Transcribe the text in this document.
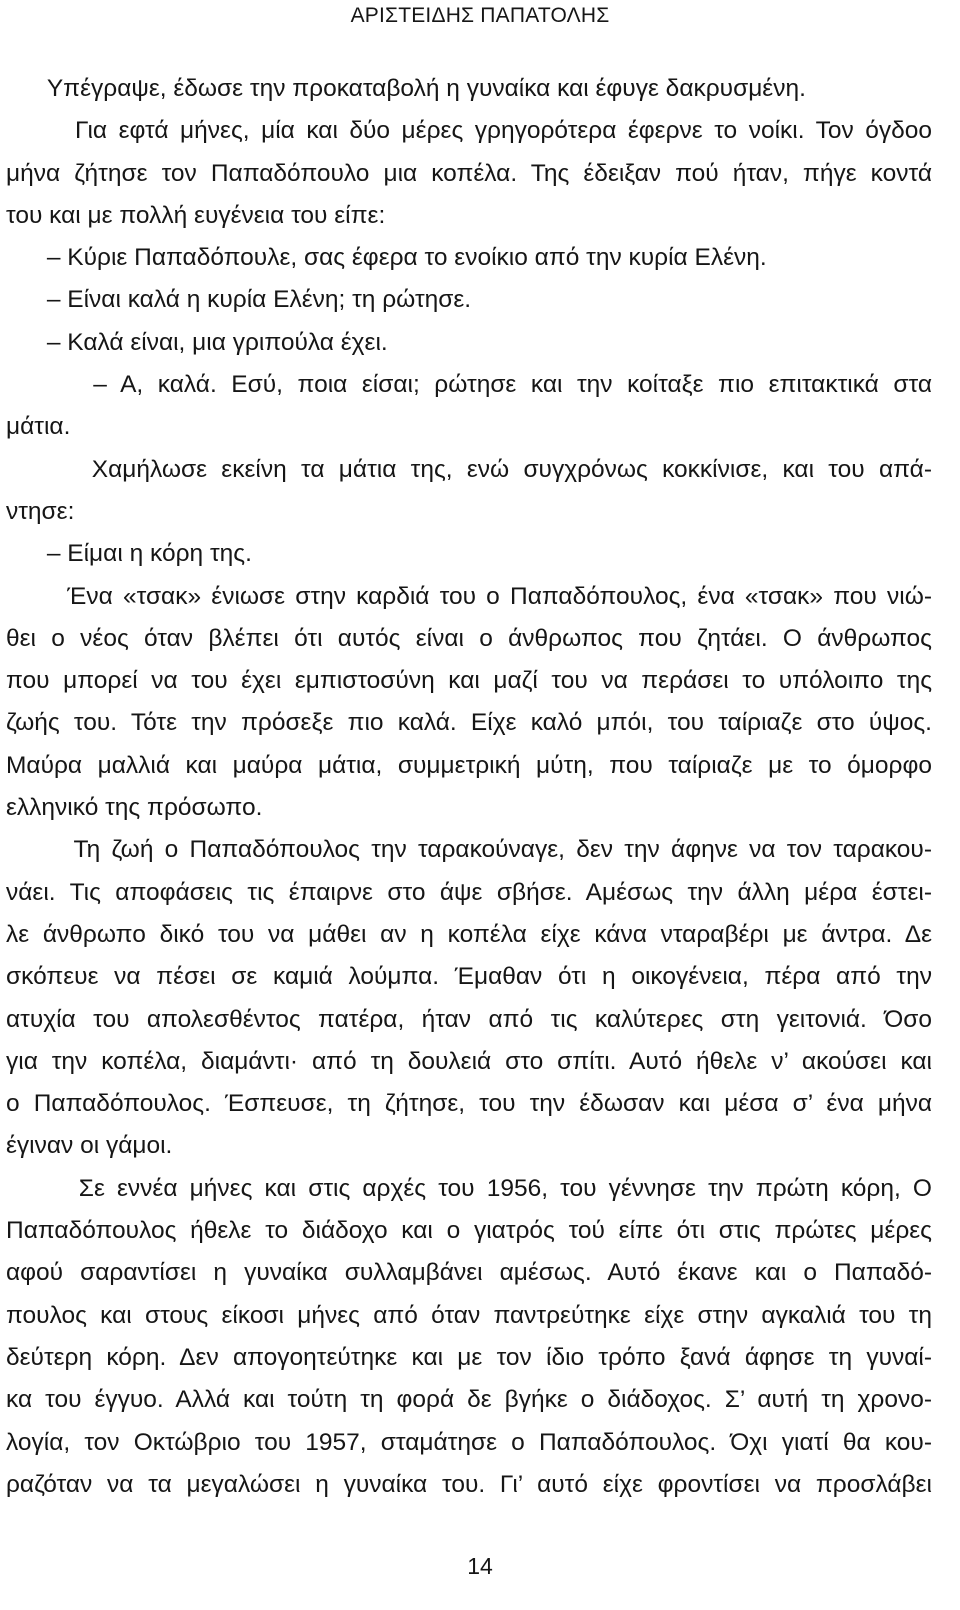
ΑΡΙΣΤΕΙΔΗΣ ΠΑΠΑΤΟΛΗΣ
Υπέγραψε, έδωσε την προκαταβολή η γυναίκα και έφυγε δακρυσμένη.
Για εφτά μήνες, μία και δύο μέρες γρηγορότερα έφερνε το νοίκι. Τον όγδοο
μήνα ζήτησε τον Παπαδόπουλο μια κοπέλα. Της έδειξαν πού ήταν, πήγε κοντά
του και με πολλή ευγένεια του είπε:
– Κύριε Παπαδόπουλε, σας έφερα το ενοίκιο από την κυρία Ελένη.
– Είναι καλά η κυρία Ελένη; τη ρώτησε.
– Καλά είναι, μια γριπούλα έχει.
– Α, καλά. Εσύ, ποια είσαι; ρώτησε και την κοίταξε πιο επιτακτικά στα
μάτια.
Χαμήλωσε εκείνη τα μάτια της, ενώ συγχρόνως κοκκίνισε, και του απά-
ντησε:
– Είμαι η κόρη της.
Ένα «τσακ» ένιωσε στην καρδιά του ο Παπαδόπουλος, ένα «τσακ» που νιώ-
θει ο νέος όταν βλέπει ότι αυτός είναι ο άνθρωπος που ζητάει. Ο άνθρωπος
που μπορεί να του έχει εμπιστοσύνη και μαζί του να περάσει το υπόλοιπο της
ζωής του. Τότε την πρόσεξε πιο καλά. Είχε καλό μπόι, του ταίριαζε στο ύψος.
Μαύρα μαλλιά και μαύρα μάτια, συμμετρική μύτη, που ταίριαζε με το όμορφο
ελληνικό της πρόσωπο.
Τη ζωή ο Παπαδόπουλος την ταρακούναγε, δεν την άφηνε να τον ταρακου-
νάει. Τις αποφάσεις τις έπαιρνε στο άψε σβήσε. Αμέσως την άλλη μέρα έστει-
λε άνθρωπο δικό του να μάθει αν η κοπέλα είχε κάνα νταραβέρι με άντρα. Δε
σκόπευε να πέσει σε καμιά λούμπα. Έμαθαν ότι η οικογένεια, πέρα από την
ατυχία του απολεσθέντος πατέρα, ήταν από τις καλύτερες στη γειτονιά. Όσο
για την κοπέλα, διαμάντι· από τη δουλειά στο σπίτι. Αυτό ήθελε ν’ ακούσει και
ο Παπαδόπουλος. Έσπευσε, τη ζήτησε, του την έδωσαν και μέσα σ’ ένα μήνα
έγιναν οι γάμοι.
Σε εννέα μήνες και στις αρχές του 1956, του γέννησε την πρώτη κόρη, Ο
Παπαδόπουλος ήθελε το διάδοχο και ο γιατρός τού είπε ότι στις πρώτες μέρες
αφού σαραντίσει η γυναίκα συλλαμβάνει αμέσως. Αυτό έκανε και ο Παπαδό-
πουλος και στους είκοσι μήνες από όταν παντρεύτηκε είχε στην αγκαλιά του τη
δεύτερη κόρη. Δεν απογοητεύτηκε και με τον ίδιο τρόπο ξανά άφησε τη γυναί-
κα του έγγυο. Αλλά και τούτη τη φορά δε βγήκε ο διάδοχος. Σ’ αυτή τη χρονο-
λογία, τον Οκτώβριο του 1957, σταμάτησε ο Παπαδόπουλος. Όχι γιατί θα κου-
ραζόταν να τα μεγαλώσει η γυναίκα του. Γι’ αυτό είχε φροντίσει να προσλάβει
14
